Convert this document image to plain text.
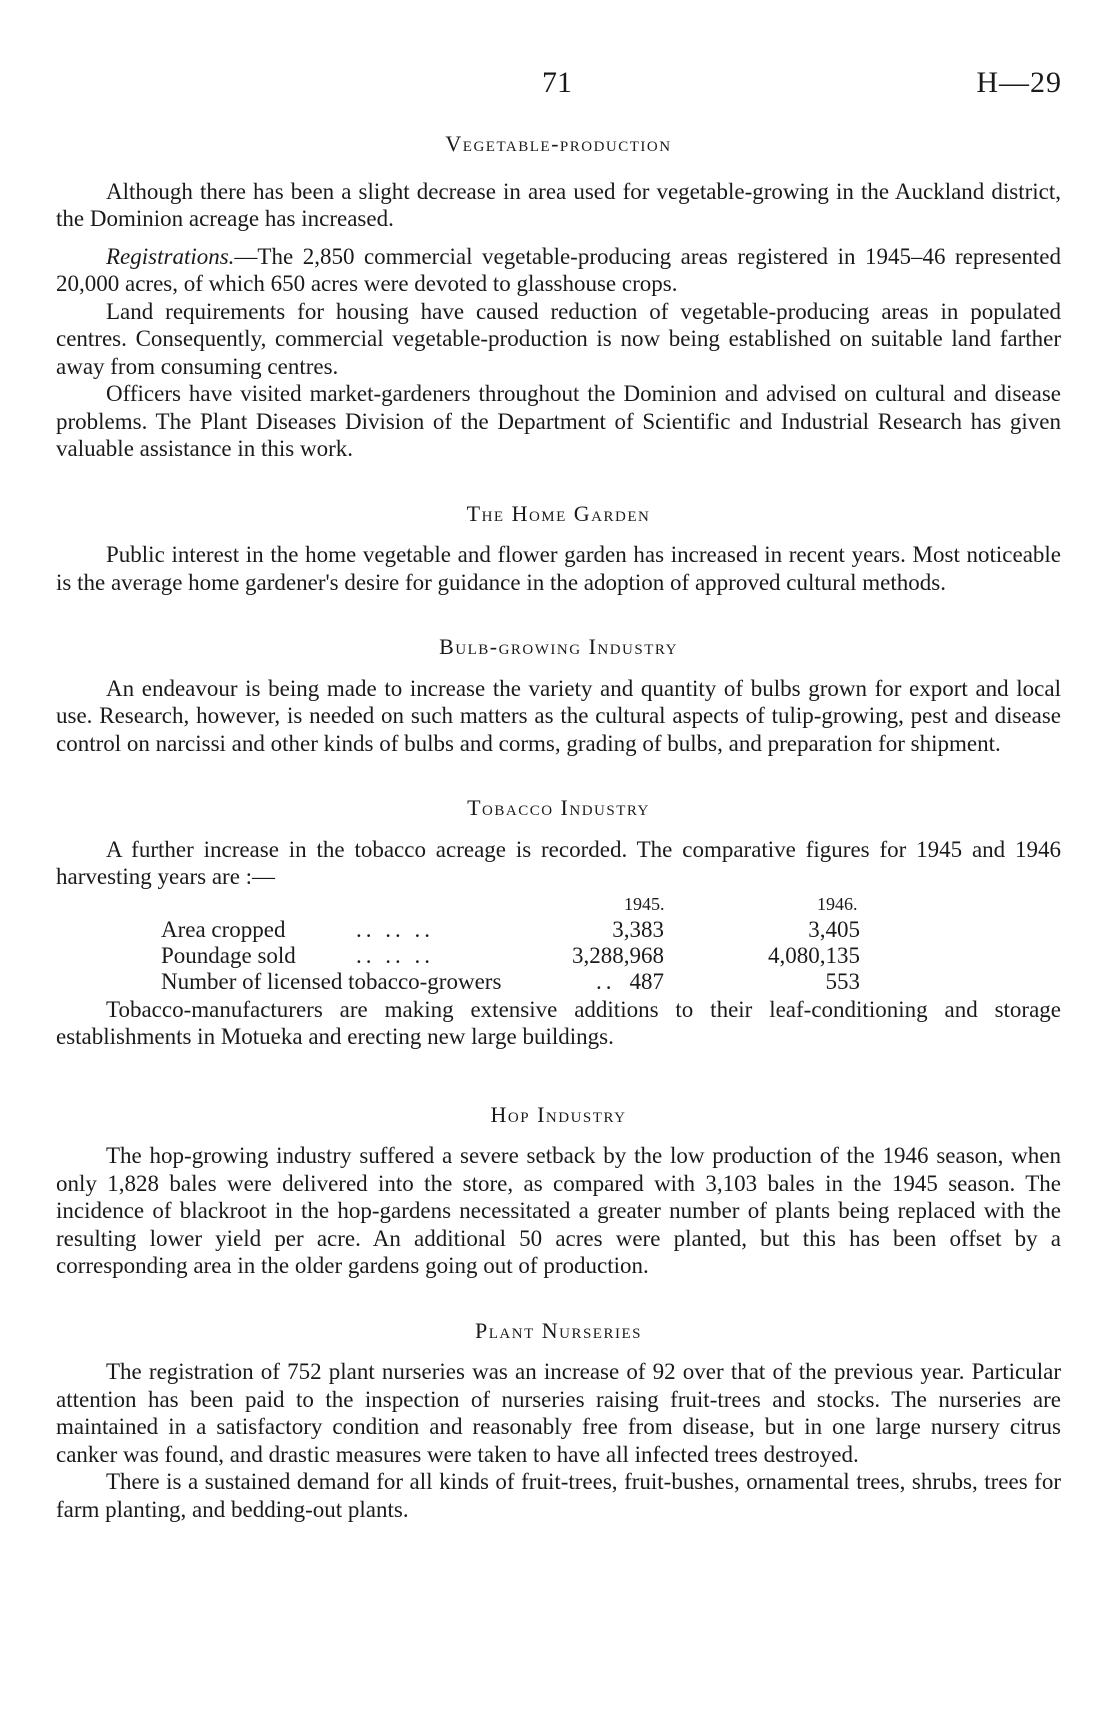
71	H—29
Vegetable-production

Although there has been a slight decrease in area used for vegetable-growing in the Auckland district, the Dominion acreage has increased.

Registrations.—The 2,850 commercial vegetable-producing areas registered in 1945–46 represented 20,000 acres, of which 650 acres were devoted to glasshouse crops.

Land requirements for housing have caused reduction of vegetable-producing areas in populated centres. Consequently, commercial vegetable-production is now being established on suitable land farther away from consuming centres.

Officers have visited market-gardeners throughout the Dominion and advised on cultural and disease problems. The Plant Diseases Division of the Department of Scientific and Industrial Research has given valuable assistance in this work.

The Home Garden

Public interest in the home vegetable and flower garden has increased in recent years. Most noticeable is the average home gardener's desire for guidance in the adoption of approved cultural methods.

Bulb-growing Industry

An endeavour is being made to increase the variety and quantity of bulbs grown for export and local use. Research, however, is needed on such matters as the cultural aspects of tulip-growing, pest and disease control on narcissi and other kinds of bulbs and corms, grading of bulbs, and preparation for shipment.

Tobacco Industry

A further increase in the tobacco acreage is recorded. The comparative figures for 1945 and 1946 harvesting years are :—

1945.	1946.
Area cropped	.. .. ..	3,383	3,405
Poundage sold	.. .. ..	3,288,968	4,080,135
Number of licensed tobacco-growers	.. 487	553

Tobacco-manufacturers are making extensive additions to their leaf-conditioning and storage establishments in Motueka and erecting new large buildings.

Hop Industry

The hop-growing industry suffered a severe setback by the low production of the 1946 season, when only 1,828 bales were delivered into the store, as compared with 3,103 bales in the 1945 season. The incidence of blackroot in the hop-gardens necessitated a greater number of plants being replaced with the resulting lower yield per acre. An additional 50 acres were planted, but this has been offset by a corresponding area in the older gardens going out of production.

Plant Nurseries

The registration of 752 plant nurseries was an increase of 92 over that of the previous year. Particular attention has been paid to the inspection of nurseries raising fruit-trees and stocks. The nurseries are maintained in a satisfactory condition and reasonably free from disease, but in one large nursery citrus canker was found, and drastic measures were taken to have all infected trees destroyed.

There is a sustained demand for all kinds of fruit-trees, fruit-bushes, ornamental trees, shrubs, trees for farm planting, and bedding-out plants.
